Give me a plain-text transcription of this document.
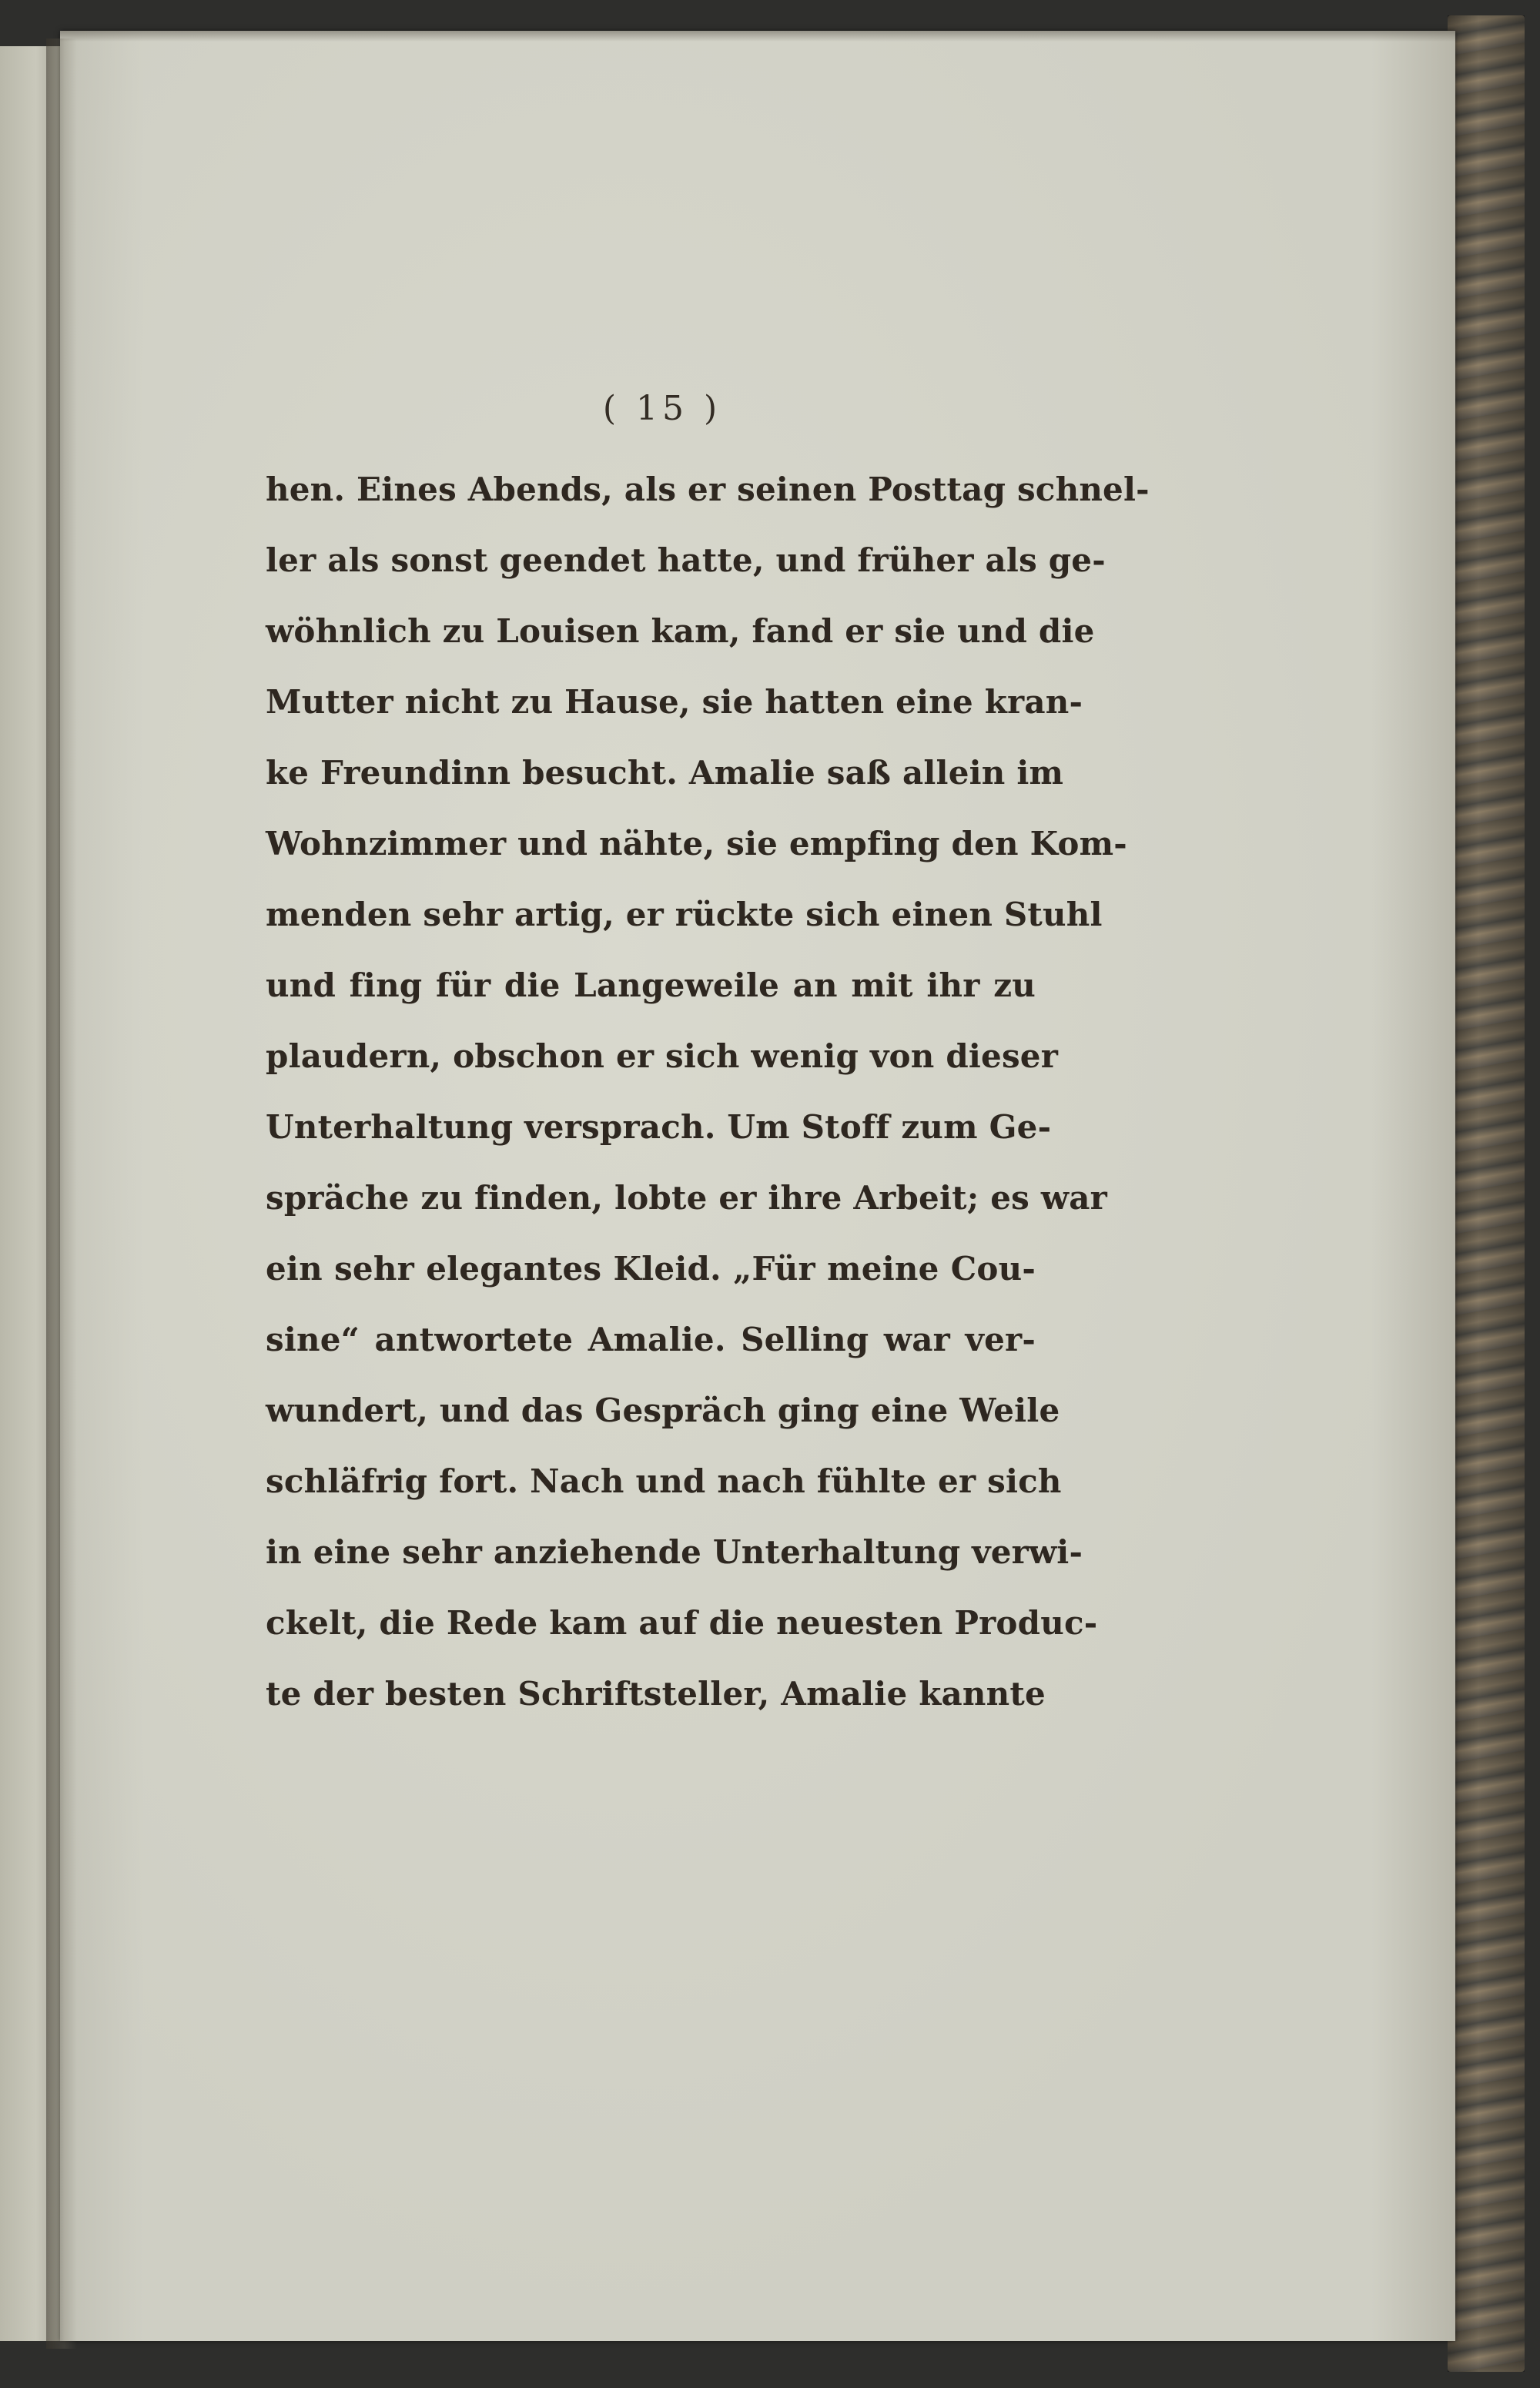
( 15 )
hen. Eines Abends, als er seinen Posttag schnel-
ler als sonst geendet hatte, und früher als ge-
wöhnlich zu Louisen kam, fand er sie und die
Mutter nicht zu Hause, sie hatten eine kran-
ke Freundinn besucht. Amalie saß allein im
Wohnzimmer und nähte, sie empfing den Kom-
menden sehr artig, er rückte sich einen Stuhl
und fing für die Langeweile an mit ihr zu
plaudern, obschon er sich wenig von dieser
Unterhaltung versprach. Um Stoff zum Ge-
spräche zu finden, lobte er ihre Arbeit; es war
ein sehr elegantes Kleid. „Für meine Cou-
sine“ antwortete Amalie. Selling war ver-
wundert, und das Gespräch ging eine Weile
schläfrig fort. Nach und nach fühlte er sich
in eine sehr anziehende Unterhaltung verwi-
ckelt, die Rede kam auf die neuesten Produc-
te der besten Schriftsteller, Amalie kannte
